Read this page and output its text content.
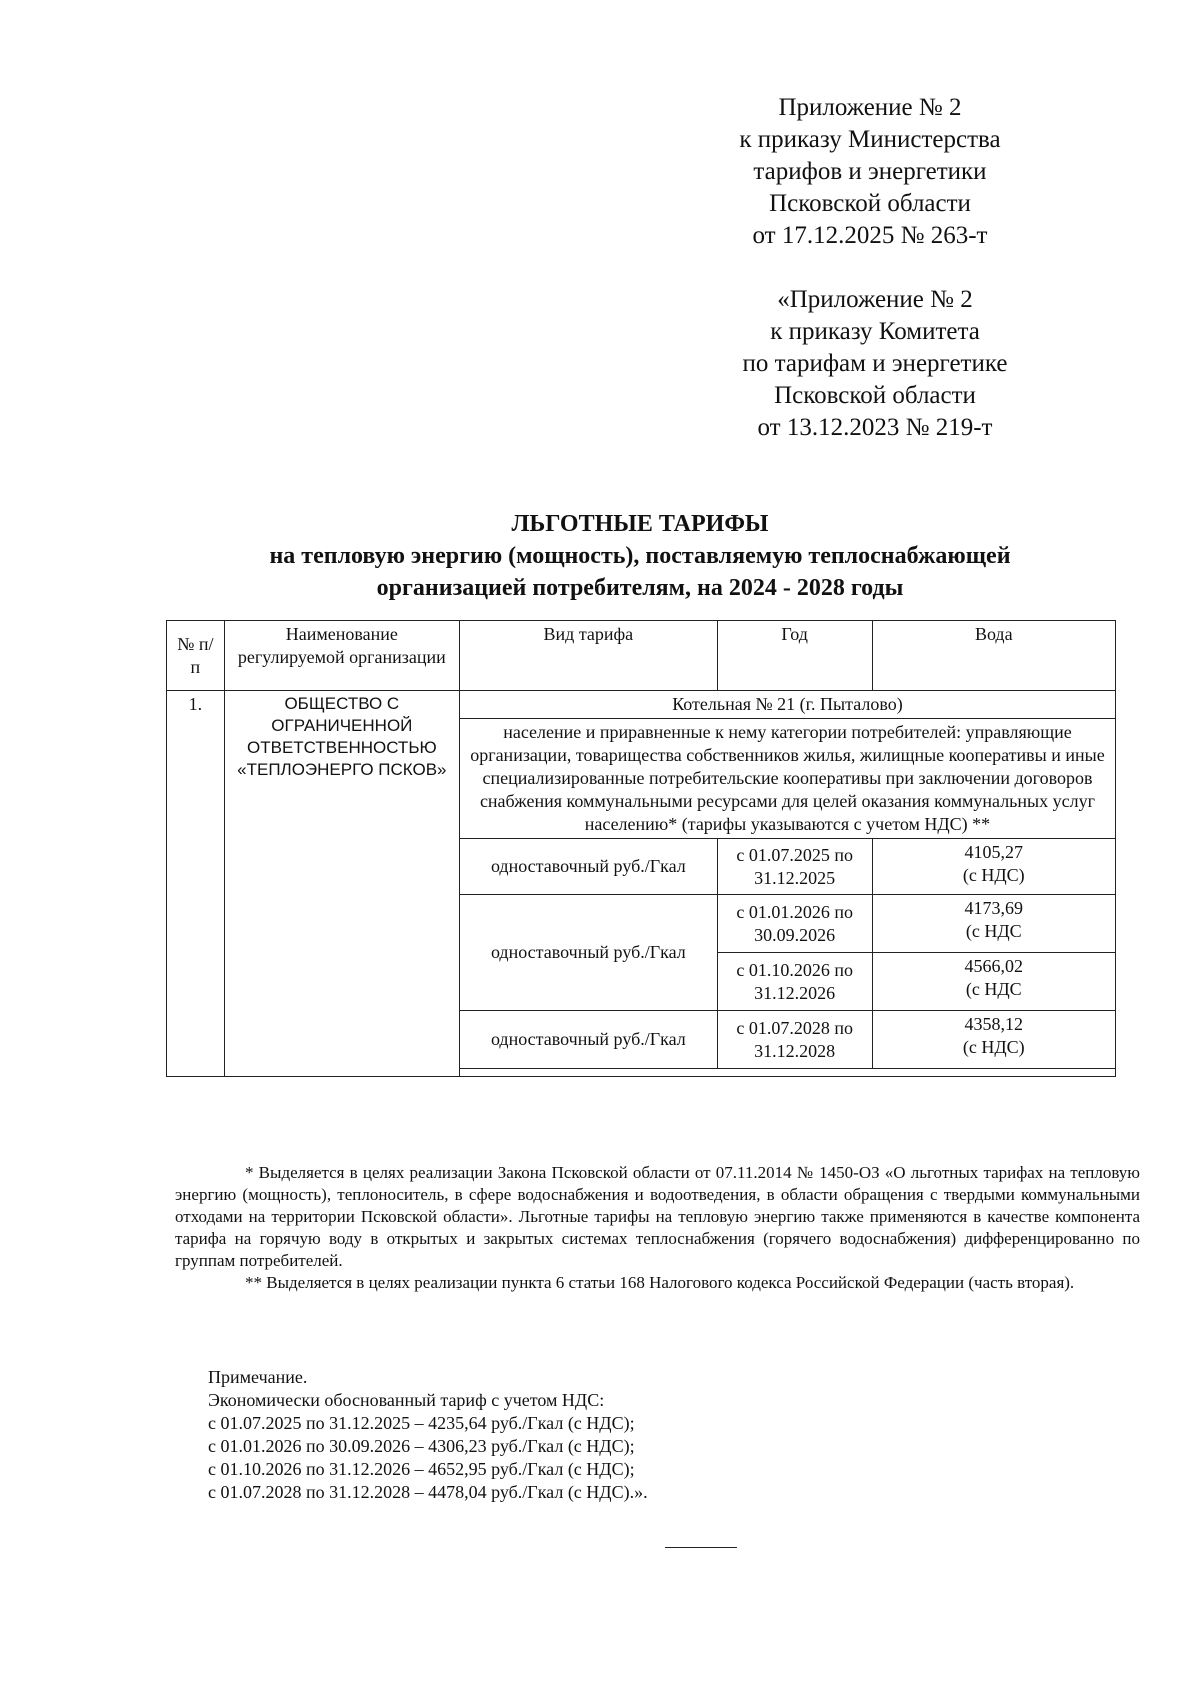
Приложение № 2
к приказу Министерства
тарифов и энергетики
Псковской области
от 17.12.2025 № 263-т
«Приложение № 2
к приказу Комитета
по тарифам и энергетике
Псковской области
от 13.12.2023 № 219-т
ЛЬГОТНЫЕ ТАРИФЫ
на тепловую энергию (мощность), поставляемую теплоснабжающей
организацией потребителям, на 2024 - 2028 годы
№ п/п	Наименование регулируемой организации	Вид тарифа	Год	Вода
1.	ОБЩЕСТВО С ОГРАНИЧЕННОЙ ОТВЕТСТВЕННОСТЬЮ «ТЕПЛОЭНЕРГО ПСКОВ»	Котельная № 21 (г. Пыталово)		
		население и приравненные к нему категории потребителей: управляющие организации, товарищества собственников жилья, жилищные кооперативы и иные специализированные потребительские кооперативы при заключении договоров снабжения коммунальными ресурсами для целей оказания коммунальных услуг населению* (тарифы указываются с учетом НДС) **		
		одноставочный руб./Гкал	с 01.07.2025 по 31.12.2025	4105,27
(с НДС)

		одноставочный руб./Гкал	с 01.01.2026 по 30.09.2026	4173,69
(с НДС

			с 01.10.2026 по 31.12.2026	4566,02
(с НДС

		одноставочный руб./Гкал	с 01.07.2028 по 31.12.2028	4358,12
(с НДС)

* Выделяется в целях реализации Закона Псковской области от 07.11.2014 № 1450-ОЗ «О льготных тарифах на тепловую энергию (мощность), теплоноситель, в сфере водоснабжения и водоотведения, в области обращения с твердыми коммунальными отходами на территории Псковской области». Льготные тарифы на тепловую энергию также применяются в качестве компонента тарифа на горячую воду в открытых и закрытых системах теплоснабжения (горячего водоснабжения) дифференцированно по группам потребителей.

** Выделяется в целях реализации пункта 6 статьи 168 Налогового кодекса Российской Федерации (часть вторая).

Примечание.
Экономически обоснованный тариф с учетом НДС:
с 01.07.2025 по 31.12.2025 – 4235,64 руб./Гкал (с НДС);
с 01.01.2026 по 30.09.2026 – 4306,23 руб./Гкал (с НДС);
с 01.10.2026 по 31.12.2026 – 4652,95 руб./Гкал (с НДС);
с 01.07.2028 по 31.12.2028 – 4478,04 руб./Гкал (с НДС).».
